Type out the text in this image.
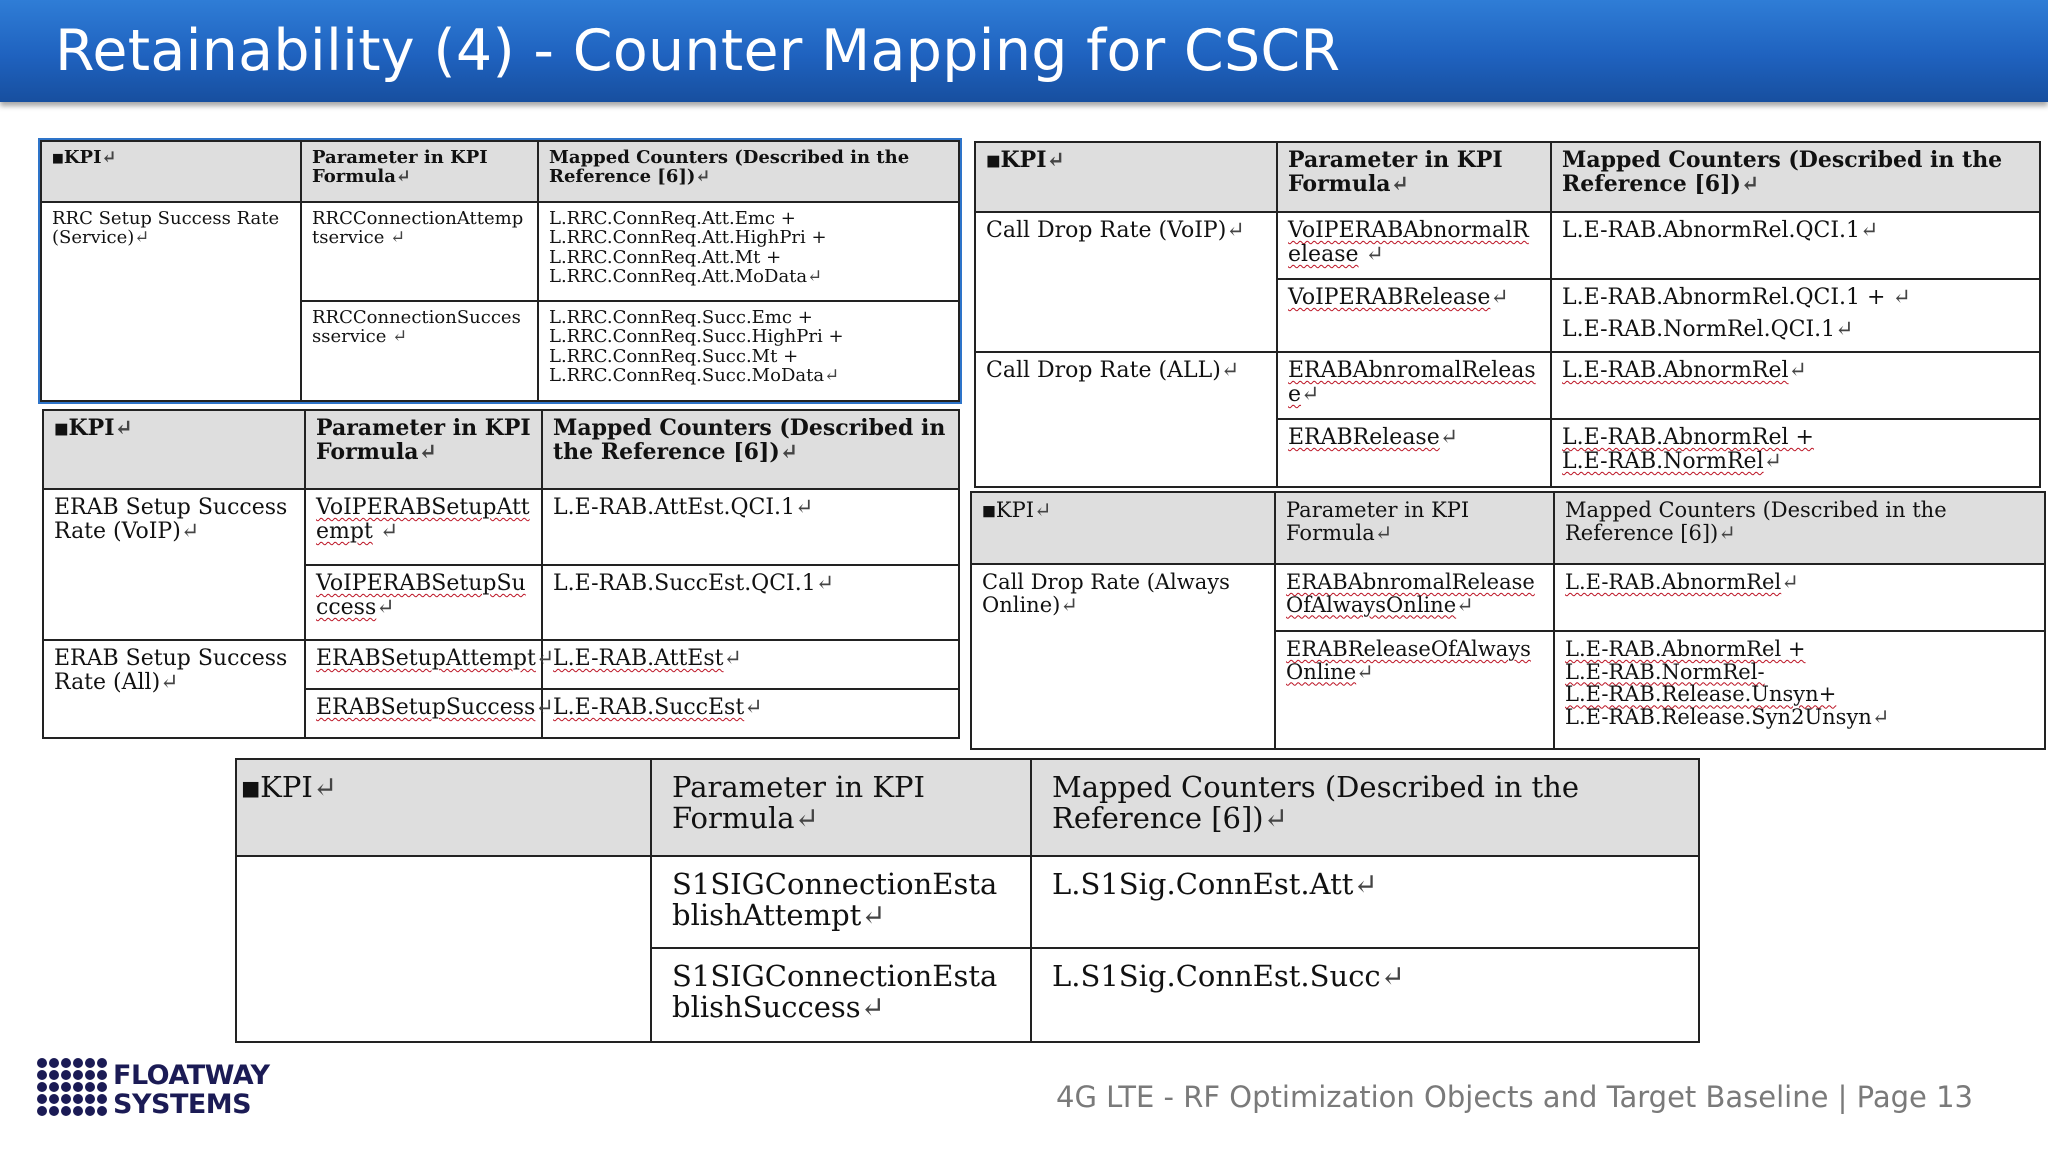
Retainability (4) - Counter Mapping for CSCR
■KPI↵	Parameter in KPI Formula↵	Mapped Counters (Described in the Reference [6])↵
RRC Setup Success Rate (Service)↵	RRCConnectionAttemptservice ↵	L.RRC.ConnReq.Att.Emc +
L.RRC.ConnReq.Att.HighPri +
L.RRC.ConnReq.Att.Mt +
L.RRC.ConnReq.Att.MoData↵

	RRCConnectionSuccessservice ↵	L.RRC.ConnReq.Succ.Emc +
L.RRC.ConnReq.Succ.HighPri +
L.RRC.ConnReq.Succ.Mt +
L.RRC.ConnReq.Succ.MoData↵
■KPI↵	Parameter in KPI Formula↵	Mapped Counters (Described in the Reference [6])↵
ERAB Setup Success Rate (VoIP)↵	VoIPERABSetupAttempt ↵	L.E-RAB.AttEst.QCI.1↵
	VoIPERABSetupSuccess↵	L.E-RAB.SuccEst.QCI.1↵
ERAB Setup Success Rate (All)↵	ERABSetupAttempt↵	L.E-RAB.AttEst↵
	ERABSetupSuccess↵	L.E-RAB.SuccEst↵
■KPI↵	Parameter in KPI Formula↵	Mapped Counters (Described in the Reference [6])↵
Call Drop Rate (VoIP)↵	VoIPERABAbnormalRelease ↵	L.E-RAB.AbnormRel.QCI.1↵
	VoIPERABRelease↵	L.E-RAB.AbnormRel.QCI.1 + ↵
L.E-RAB.NormRel.QCI.1↵

Call Drop Rate (ALL)↵	ERABAbnromalRelease↵	L.E-RAB.AbnormRel↵
	ERABRelease↵	L.E-RAB.AbnormRel +
L.E-RAB.NormRel↵
■KPI↵	Parameter in KPI Formula↵	Mapped Counters (Described in the Reference [6])↵
Call Drop Rate (Always Online)↵	ERABAbnromalReleaseOfAlwaysOnline↵	L.E-RAB.AbnormRel↵
	ERABReleaseOfAlwaysOnline↵	L.E-RAB.AbnormRel +
L.E-RAB.NormRel-
L.E-RAB.Release.Unsyn+
L.E-RAB.Release.Syn2Unsyn↵
■KPI↵	Parameter in KPI Formula↵	Mapped Counters (Described in the Reference [6])↵
	S1SIGConnectionEstablishAttempt↵	L.S1Sig.ConnEst.Att↵
	S1SIGConnectionEstablishSuccess↵	L.S1Sig.ConnEst.Succ↵
FLOATWAY
SYSTEMS	4G LTE - RF Optimization Objects and Target Baseline | Page 13
